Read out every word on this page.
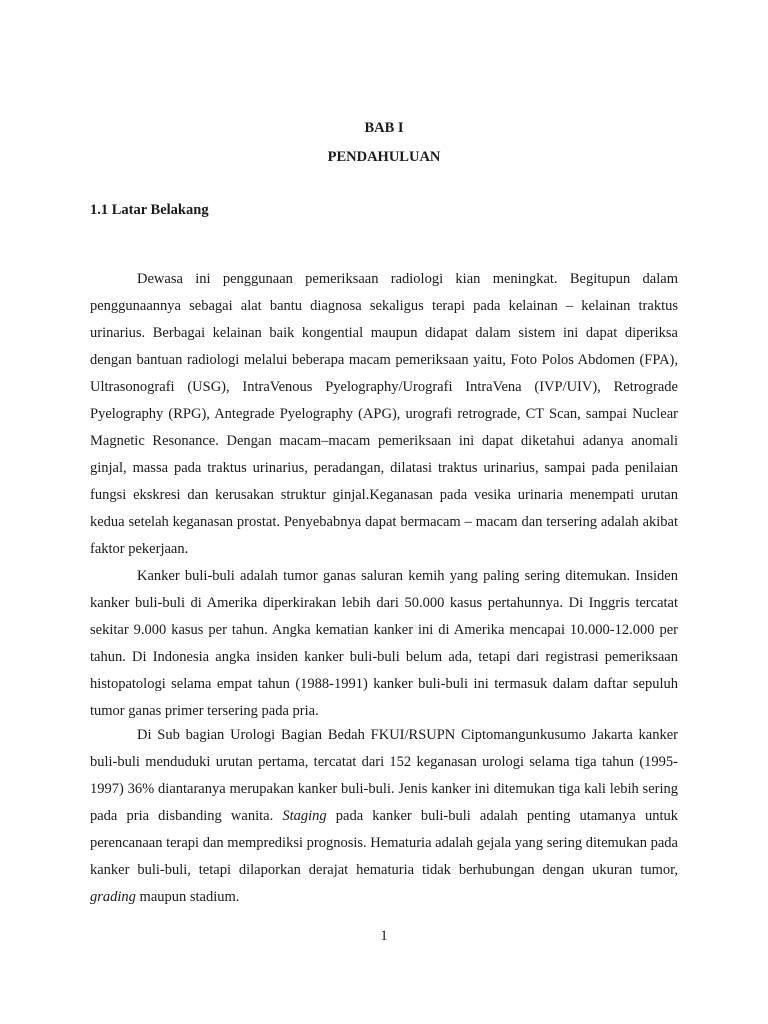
BAB I

PENDAHULUAN

1.1 Latar Belakang

Dewasa ini penggunaan pemeriksaan radiologi kian meningkat. Begitupun dalam penggunaannya sebagai alat bantu diagnosa sekaligus terapi pada kelainan – kelainan traktus urinarius. Berbagai kelainan baik kongential maupun didapat dalam sistem ini dapat diperiksa dengan bantuan radiologi melalui beberapa macam pemeriksaan yaitu, Foto Polos Abdomen (FPA), Ultrasonografi (USG), IntraVenous Pyelography/Urografi IntraVena (IVP/UIV), Retrograde Pyelography (RPG), Antegrade Pyelography (APG), urografi retrograde, CT Scan, sampai Nuclear Magnetic Resonance. Dengan macam–macam pemeriksaan ini dapat diketahui adanya anomali ginjal, massa pada traktus urinarius, peradangan, dilatasi traktus urinarius, sampai pada penilaian fungsi ekskresi dan kerusakan struktur ginjal.Keganasan pada vesika urinaria menempati urutan kedua setelah keganasan prostat. Penyebabnya dapat bermacam – macam dan tersering adalah akibat faktor pekerjaan.

Kanker buli-buli adalah tumor ganas saluran kemih yang paling sering ditemukan. Insiden kanker buli-buli di Amerika diperkirakan lebih dari 50.000 kasus pertahunnya. Di Inggris tercatat sekitar 9.000 kasus per tahun. Angka kematian kanker ini di Amerika mencapai 10.000-12.000 per tahun. Di Indonesia angka insiden kanker buli-buli belum ada, tetapi dari registrasi pemeriksaan histopatologi selama empat tahun (1988-1991) kanker buli-buli ini termasuk dalam daftar sepuluh tumor ganas primer tersering pada pria.

Di Sub bagian Urologi Bagian Bedah FKUI/RSUPN Ciptomangunkusumo Jakarta kanker buli-buli menduduki urutan pertama, tercatat dari 152 keganasan urologi selama tiga tahun (1995-1997) 36% diantaranya merupakan kanker buli-buli. Jenis kanker ini ditemukan tiga kali lebih sering pada pria disbanding wanita. Staging pada kanker buli-buli adalah penting utamanya untuk perencanaan terapi dan memprediksi prognosis. Hematuria adalah gejala yang sering ditemukan pada kanker buli-buli, tetapi dilaporkan derajat hematuria tidak berhubungan dengan ukuran tumor, grading maupun stadium.

1
